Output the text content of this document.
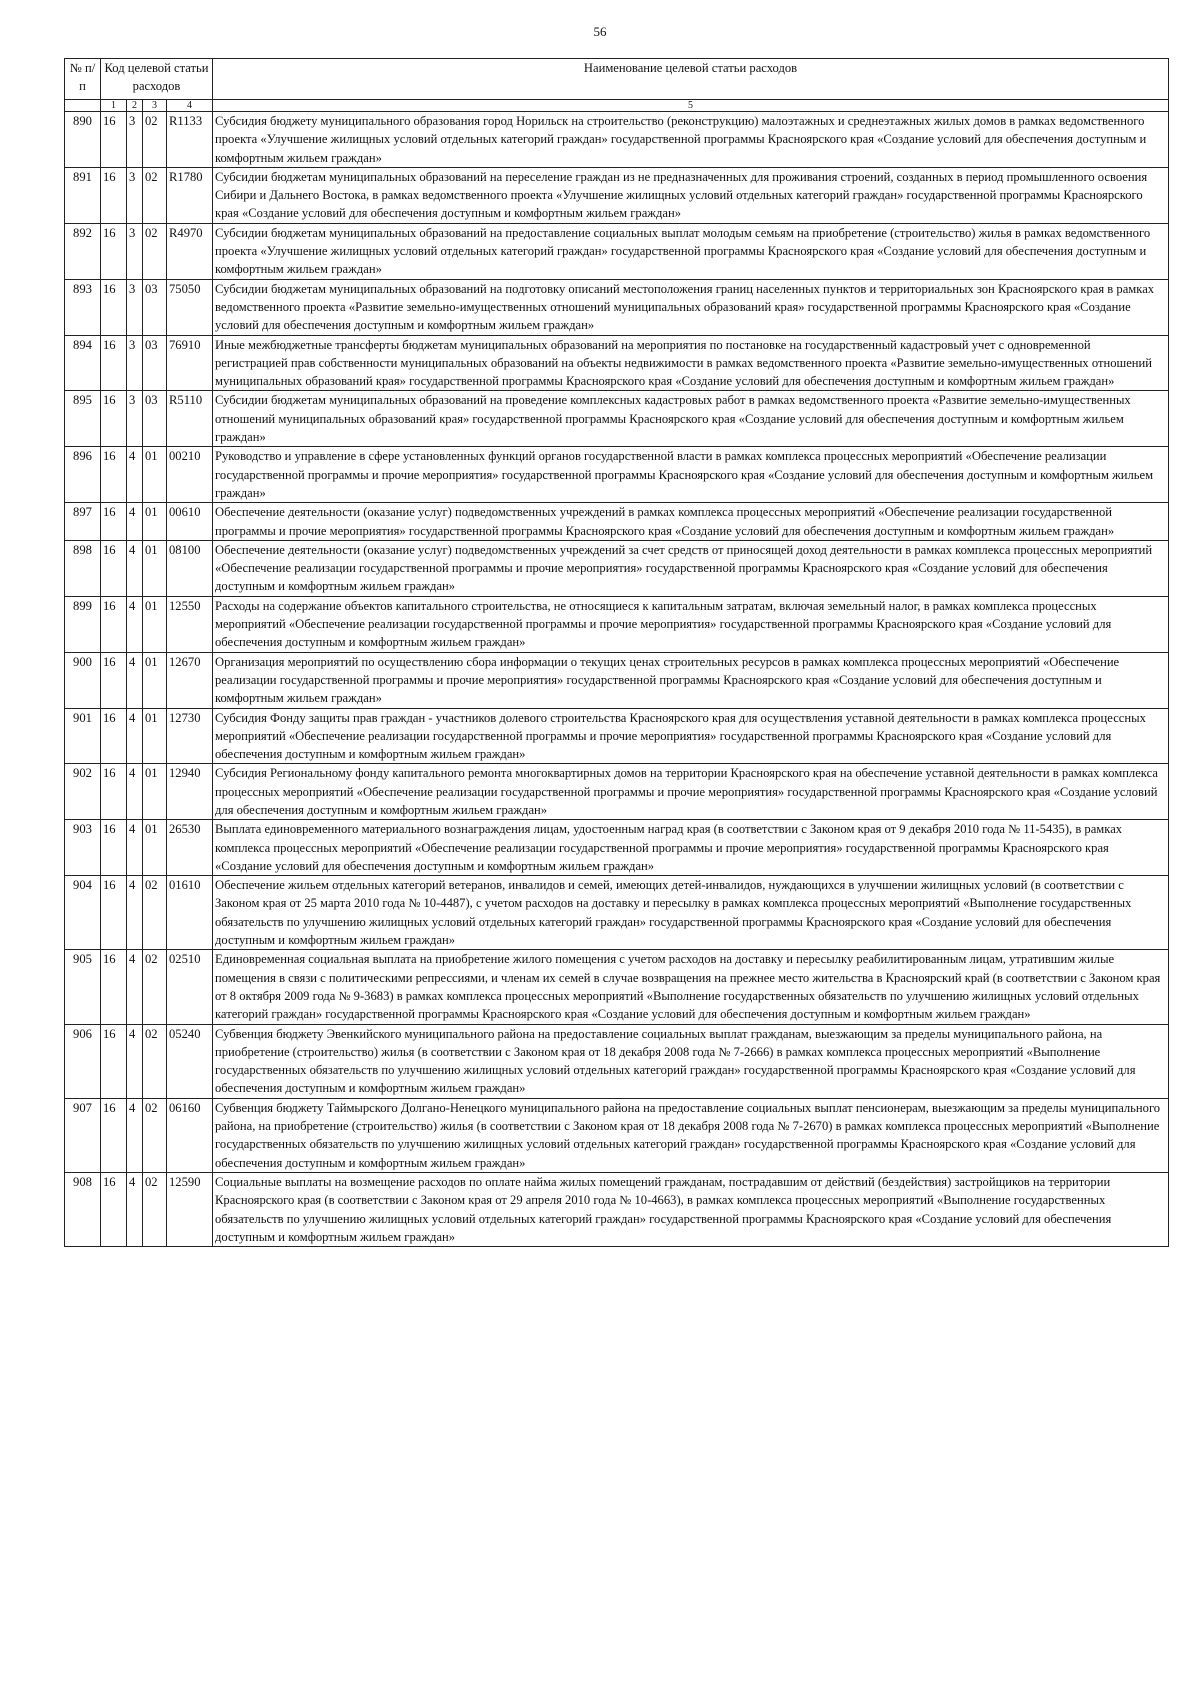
56
№ п/п	Код целевой статьи расходов				Наименование целевой статьи расходов

	1	2	3	4	5
890	16	3	02	R1133	Субсидия бюджету муниципального образования город Норильск на строительство (реконструкцию) малоэтажных и среднеэтажных жилых домов в рамках ведомственного проекта «Улучшение жилищных условий отдельных категорий граждан» государственной программы Красноярского края «Создание условий для обеспечения доступным и комфортным жильем граждан»
891	16	3	02	R1780	Субсидии бюджетам муниципальных образований на переселение граждан из не предназначенных для проживания строений, созданных в период промышленного освоения Сибири и Дальнего Востока, в рамках ведомственного проекта «Улучшение жилищных условий отдельных категорий граждан» государственной программы Красноярского края «Создание условий для обеспечения доступным и комфортным жильем граждан»
892	16	3	02	R4970	Субсидии бюджетам муниципальных образований на предоставление социальных выплат молодым семьям на приобретение (строительство) жилья в рамках ведомственного проекта «Улучшение жилищных условий отдельных категорий граждан» государственной программы Красноярского края «Создание условий для обеспечения доступным и комфортным жильем граждан»
893	16	3	03	75050	Субсидии бюджетам муниципальных образований на подготовку описаний местоположения границ населенных пунктов и территориальных зон Красноярского края в рамках ведомственного проекта «Развитие земельно-имущественных отношений муниципальных образований края» государственной программы Красноярского края «Создание условий для обеспечения доступным и комфортным жильем граждан»
894	16	3	03	76910	Иные межбюджетные трансферты бюджетам муниципальных образований на мероприятия по постановке на государственный кадастровый учет с одновременной регистрацией прав собственности муниципальных образований на объекты недвижимости в рамках ведомственного проекта «Развитие земельно-имущественных отношений муниципальных образований края» государственной программы Красноярского края «Создание условий для обеспечения доступным и комфортным жильем граждан»
895	16	3	03	R5110	Субсидии бюджетам муниципальных образований на проведение комплексных кадастровых работ в рамках ведомственного проекта «Развитие земельно-имущественных отношений муниципальных образований края» государственной программы Красноярского края «Создание условий для обеспечения доступным и комфортным жильем граждан»
896	16	4	01	00210	Руководство и управление в сфере установленных функций органов государственной власти в рамках комплекса процессных мероприятий «Обеспечение реализации государственной программы и прочие мероприятия» государственной программы Красноярского края «Создание условий для обеспечения доступным и комфортным жильем граждан»
897	16	4	01	00610	Обеспечение деятельности (оказание услуг) подведомственных учреждений в рамках комплекса процессных мероприятий «Обеспечение реализации государственной программы и прочие мероприятия» государственной программы Красноярского края «Создание условий для обеспечения доступным и комфортным жильем граждан»
898	16	4	01	08100	Обеспечение деятельности (оказание услуг) подведомственных учреждений за счет средств от приносящей доход деятельности в рамках комплекса процессных мероприятий «Обеспечение реализации государственной программы и прочие мероприятия» государственной программы Красноярского края «Создание условий для обеспечения доступным и комфортным жильем граждан»
899	16	4	01	12550	Расходы на содержание объектов капитального строительства, не относящиеся к капитальным затратам, включая земельный налог, в рамках комплекса процессных мероприятий «Обеспечение реализации государственной программы и прочие мероприятия» государственной программы Красноярского края «Создание условий для обеспечения доступным и комфортным жильем граждан»
900	16	4	01	12670	Организация мероприятий по осуществлению сбора информации о текущих ценах строительных ресурсов в рамках комплекса процессных мероприятий «Обеспечение реализации государственной программы и прочие мероприятия» государственной программы Красноярского края «Создание условий для обеспечения доступным и комфортным жильем граждан»
901	16	4	01	12730	Субсидия Фонду защиты прав граждан - участников долевого строительства Красноярского края для осуществления уставной деятельности в рамках комплекса процессных мероприятий «Обеспечение реализации государственной программы и прочие мероприятия» государственной программы Красноярского края «Создание условий для обеспечения доступным и комфортным жильем граждан»
902	16	4	01	12940	Субсидия Региональному фонду капитального ремонта многоквартирных домов на территории Красноярского края на обеспечение уставной деятельности в рамках комплекса процессных мероприятий «Обеспечение реализации государственной программы и прочие мероприятия» государственной программы Красноярского края «Создание условий для обеспечения доступным и комфортным жильем граждан»
903	16	4	01	26530	Выплата единовременного материального вознаграждения лицам, удостоенным наград края (в соответствии с Законом края от 9 декабря 2010 года № 11-5435), в рамках комплекса процессных мероприятий «Обеспечение реализации государственной программы и прочие мероприятия» государственной программы Красноярского края «Создание условий для обеспечения доступным и комфортным жильем граждан»
904	16	4	02	01610	Обеспечение жильем отдельных категорий ветеранов, инвалидов и семей, имеющих детей-инвалидов, нуждающихся в улучшении жилищных условий (в соответствии с Законом края от 25 марта 2010 года № 10-4487), с учетом расходов на доставку и пересылку в рамках комплекса процессных мероприятий «Выполнение государственных обязательств по улучшению жилищных условий отдельных категорий граждан» государственной программы Красноярского края «Создание условий для обеспечения доступным и комфортным жильем граждан»
905	16	4	02	02510	Единовременная социальная выплата на приобретение жилого помещения с учетом расходов на доставку и пересылку реабилитированным лицам, утратившим жилые помещения в связи с политическими репрессиями, и членам их семей в случае возвращения на прежнее место жительства в Красноярский край (в соответствии с Законом края от 8 октября 2009 года № 9-3683) в рамках комплекса процессных мероприятий «Выполнение государственных обязательств по улучшению жилищных условий отдельных категорий граждан» государственной программы Красноярского края «Создание условий для обеспечения доступным и комфортным жильем граждан»
906	16	4	02	05240	Субвенция бюджету Эвенкийского муниципального района на предоставление социальных выплат гражданам, выезжающим за пределы муниципального района, на приобретение (строительство) жилья (в соответствии с Законом края от 18 декабря 2008 года № 7-2666) в рамках комплекса процессных мероприятий «Выполнение государственных обязательств по улучшению жилищных условий отдельных категорий граждан» государственной программы Красноярского края «Создание условий для обеспечения доступным и комфортным жильем граждан»
907	16	4	02	06160	Субвенция бюджету Таймырского Долгано-Ненецкого муниципального района на предоставление социальных выплат пенсионерам, выезжающим за пределы муниципального района, на приобретение (строительство) жилья (в соответствии с Законом края от 18 декабря 2008 года № 7-2670) в рамках комплекса процессных мероприятий «Выполнение государственных обязательств по улучшению жилищных условий отдельных категорий граждан» государственной программы Красноярского края «Создание условий для обеспечения доступным и комфортным жильем граждан»
908	16	4	02	12590	Социальные выплаты на возмещение расходов по оплате найма жилых помещений гражданам, пострадавшим от действий (бездействия) застройщиков на территории Красноярского края (в соответствии с Законом края от 29 апреля 2010 года № 10-4663), в рамках комплекса процессных мероприятий «Выполнение государственных обязательств по улучшению жилищных условий отдельных категорий граждан» государственной программы Красноярского края «Создание условий для обеспечения доступным и комфортным жильем граждан»
